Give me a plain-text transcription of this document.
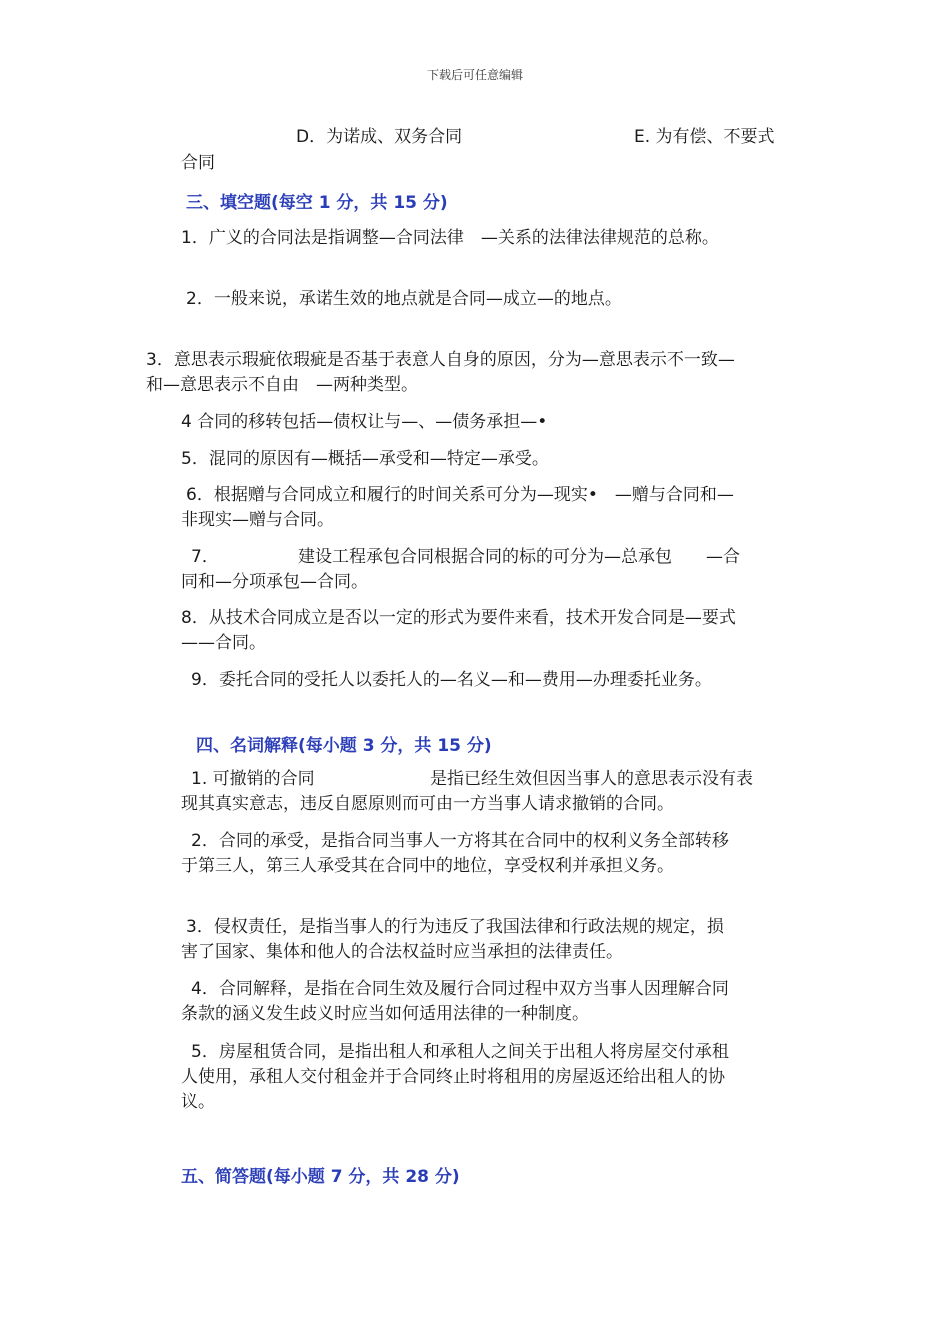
下载后可任意编辑
D．为诺成、双务合同	E. 为有偿、不要式
合同
三、填空题(每空 1 分，共 15 分)
1．广义的合同法是指调整—合同法律　—关系的法律法律规范的总称。
2．一般来说，承诺生效的地点就是合同—成立—的地点。
3．意思表示瑕疵依瑕疵是否基于表意人自身的原因，分为—意思表示不一致—
和—意思表示不自由　—两种类型。
4 合同的移转包括—债权让与—、—债务承担—•
5．混同的原因有—概括—承受和—特定—承受。
6．根据赠与合同成立和履行的时间关系可分为—现实•　—赠与合同和—
非现实—赠与合同。
7．	建设工程承包合同根据合同的标的可分为—总承包　　—合
同和—分项承包—合同。
8．从技术合同成立是否以一定的形式为要件来看，技术开发合同是—要式
——合同。
9．委托合同的受托人以委托人的—名义—和—费用—办理委托业务。
四、名词解释(每小题 3 分，共 15 分)
1. 可撤销的合同	是指已经生效但因当事人的意思表示没有表
现其真实意志，违反自愿原则而可由一方当事人请求撤销的合同。
2．合同的承受，是指合同当事人一方将其在合同中的权利义务全部转移
于第三人，第三人承受其在合同中的地位，享受权利并承担义务。
3．侵权责任，是指当事人的行为违反了我国法律和行政法规的规定，损
害了国家、集体和他人的合法权益时应当承担的法律责任。
4．合同解释，是指在合同生效及履行合同过程中双方当事人因理解合同
条款的涵义发生歧义时应当如何适用法律的一种制度。
5．房屋租赁合同，是指出租人和承租人之间关于出租人将房屋交付承租
人使用，承租人交付租金并于合同终止时将租用的房屋返还给出租人的协
议。
五、简答题(每小题 7 分，共 28 分)
